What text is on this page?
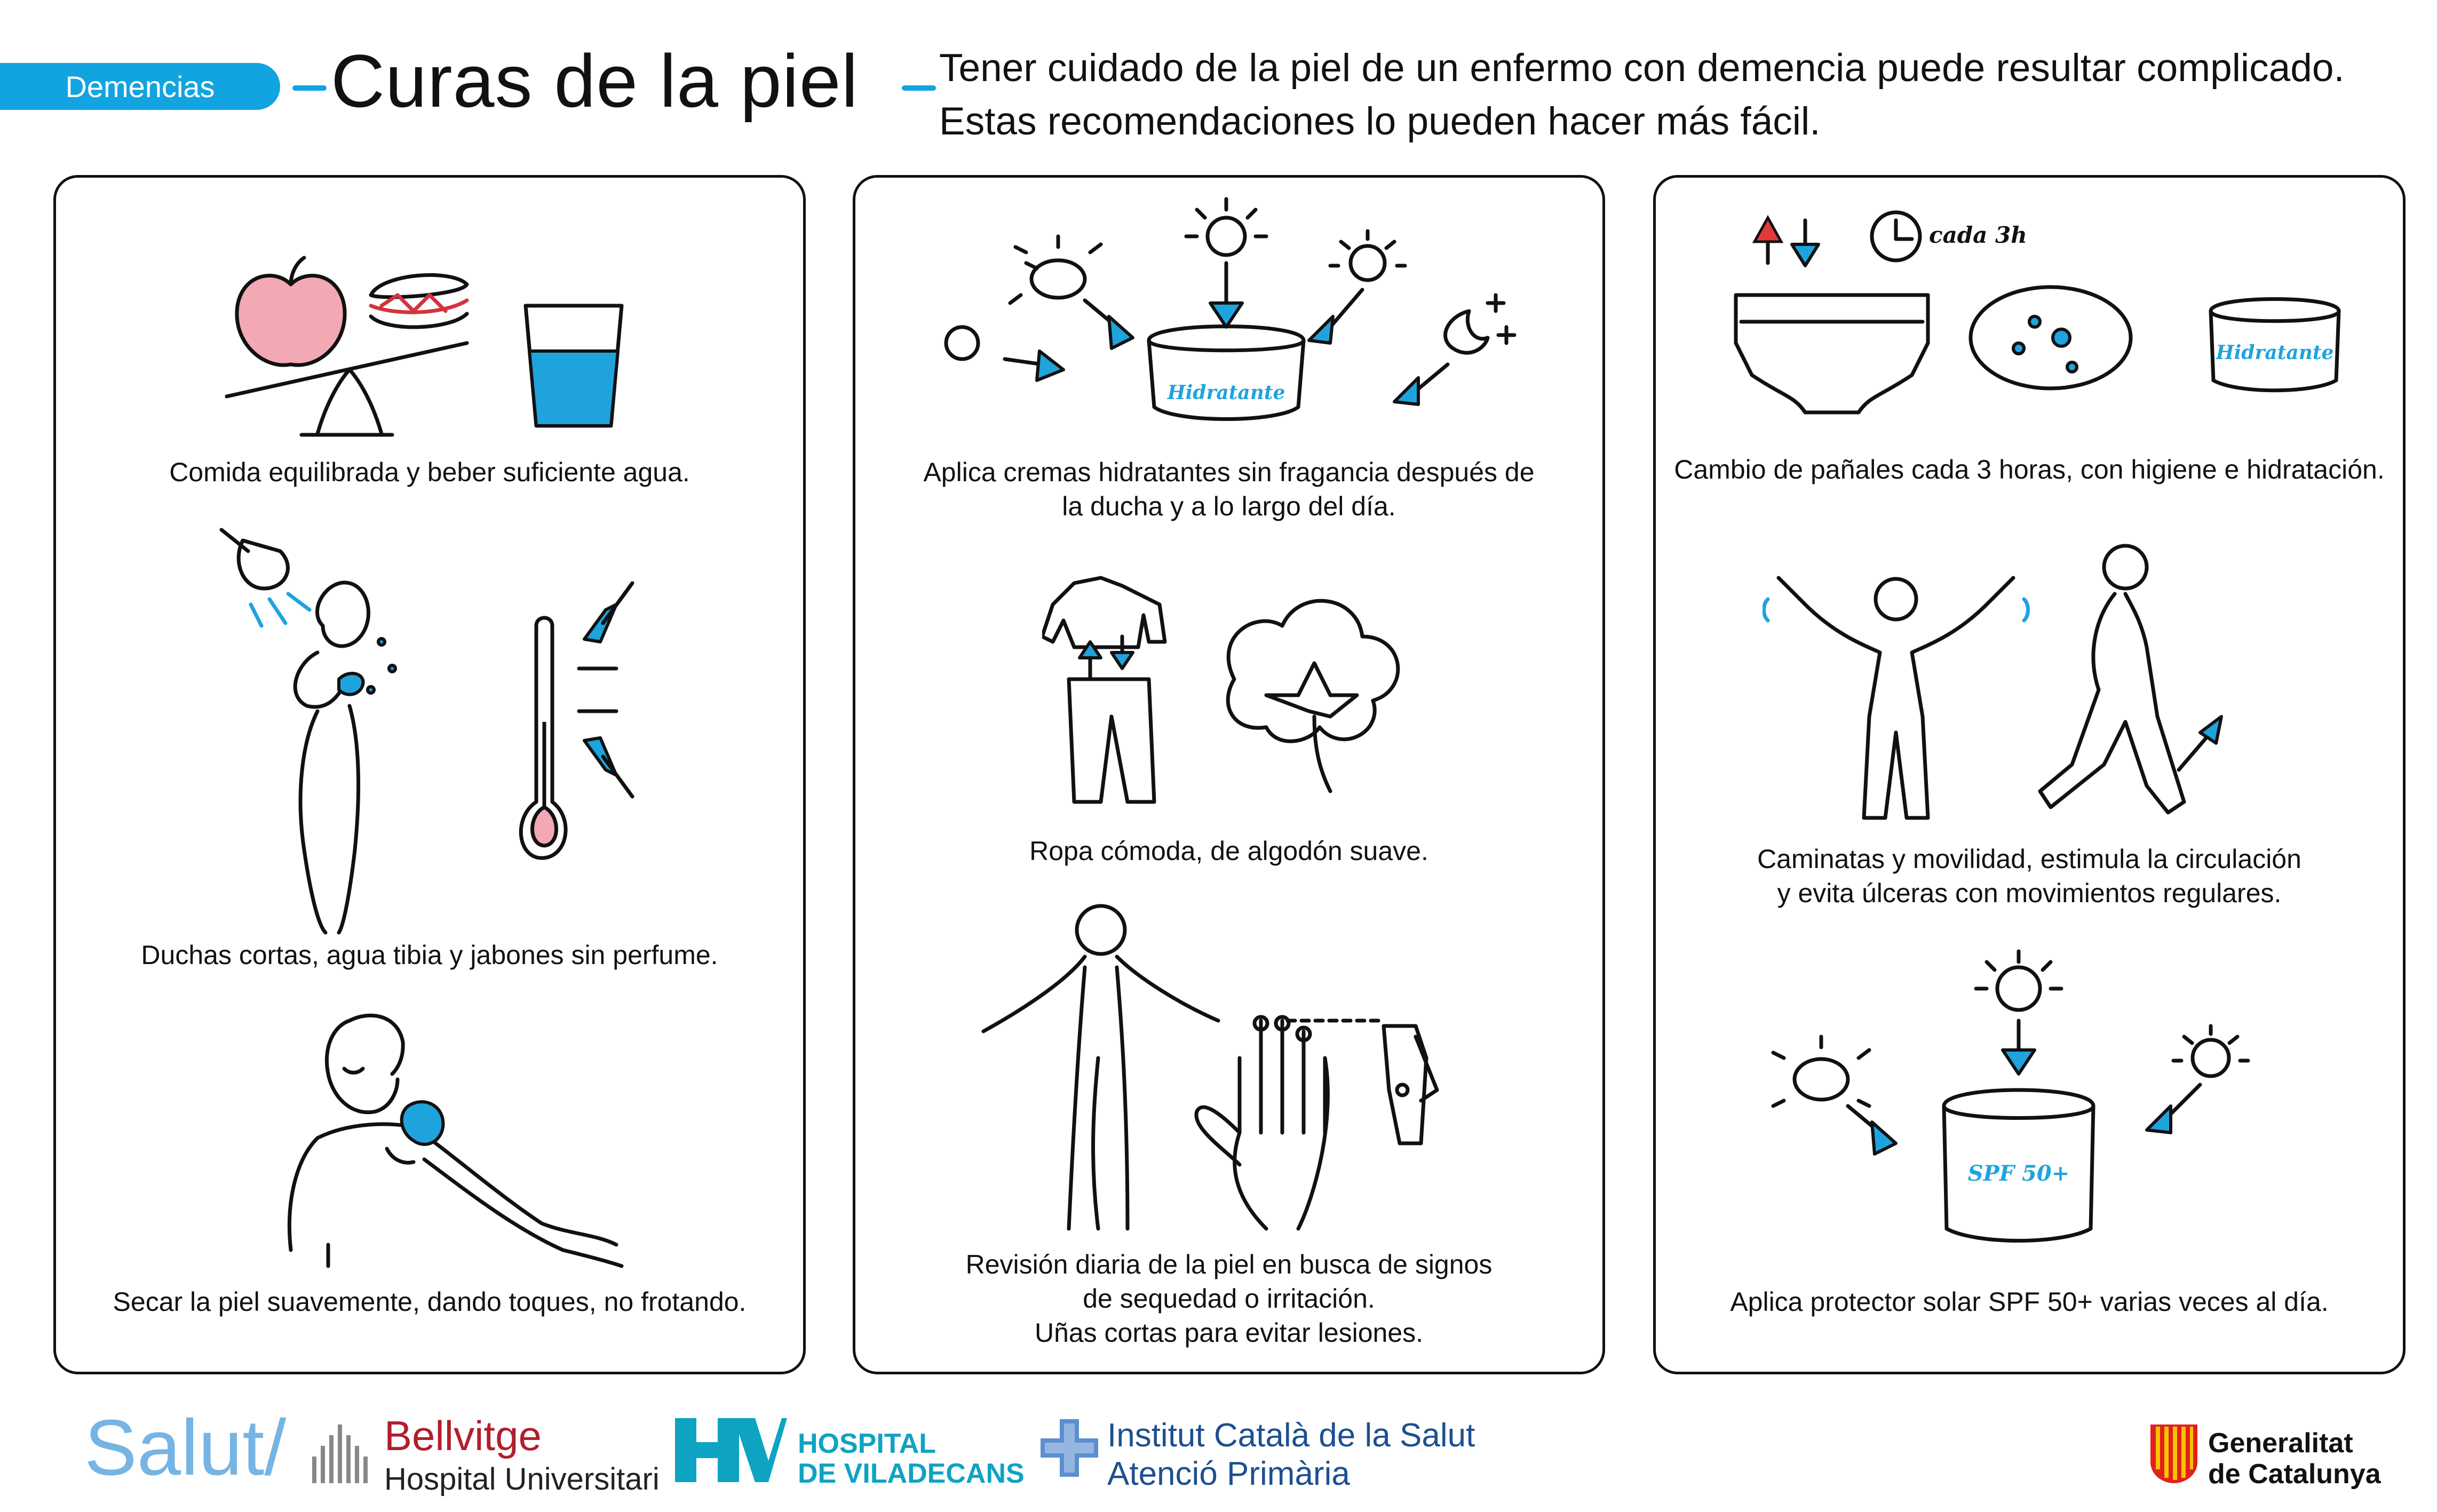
Demencias	Curas de la piel Tener cuidado de la piel de un enfermo con demencia puede resultar complicado.
Estas recomendaciones lo pueden hacer más fácil.
Comida equilibrada y beber suficiente agua.
Duchas cortas, agua tibia y jabones sin perfume.
Secar la piel suavemente, dando toques, no frotando.
Hidratante
Aplica cremas hidratantes sin fragancia después de
la ducha y a lo largo del día.
Ropa cómoda, de algodón suave.
Revisión diaria de la piel en busca de signos
de sequedad o irritación.
Uñas cortas para evitar lesiones.
cada 3h
Hidratante
Cambio de pañales cada 3 horas, con higiene e hidratación.
Caminatas y movilidad, estimula la circulación
y evita úlceras con movimientos regulares.
SPF 50+
Aplica protector solar SPF 50+ varias veces al día.
Salut/ Bellvitge
Hospital Universitari
HOSPITAL
DE VILADECANS
Institut Català de la Salut
Atenció Primària
Generalitat
de Catalunya
